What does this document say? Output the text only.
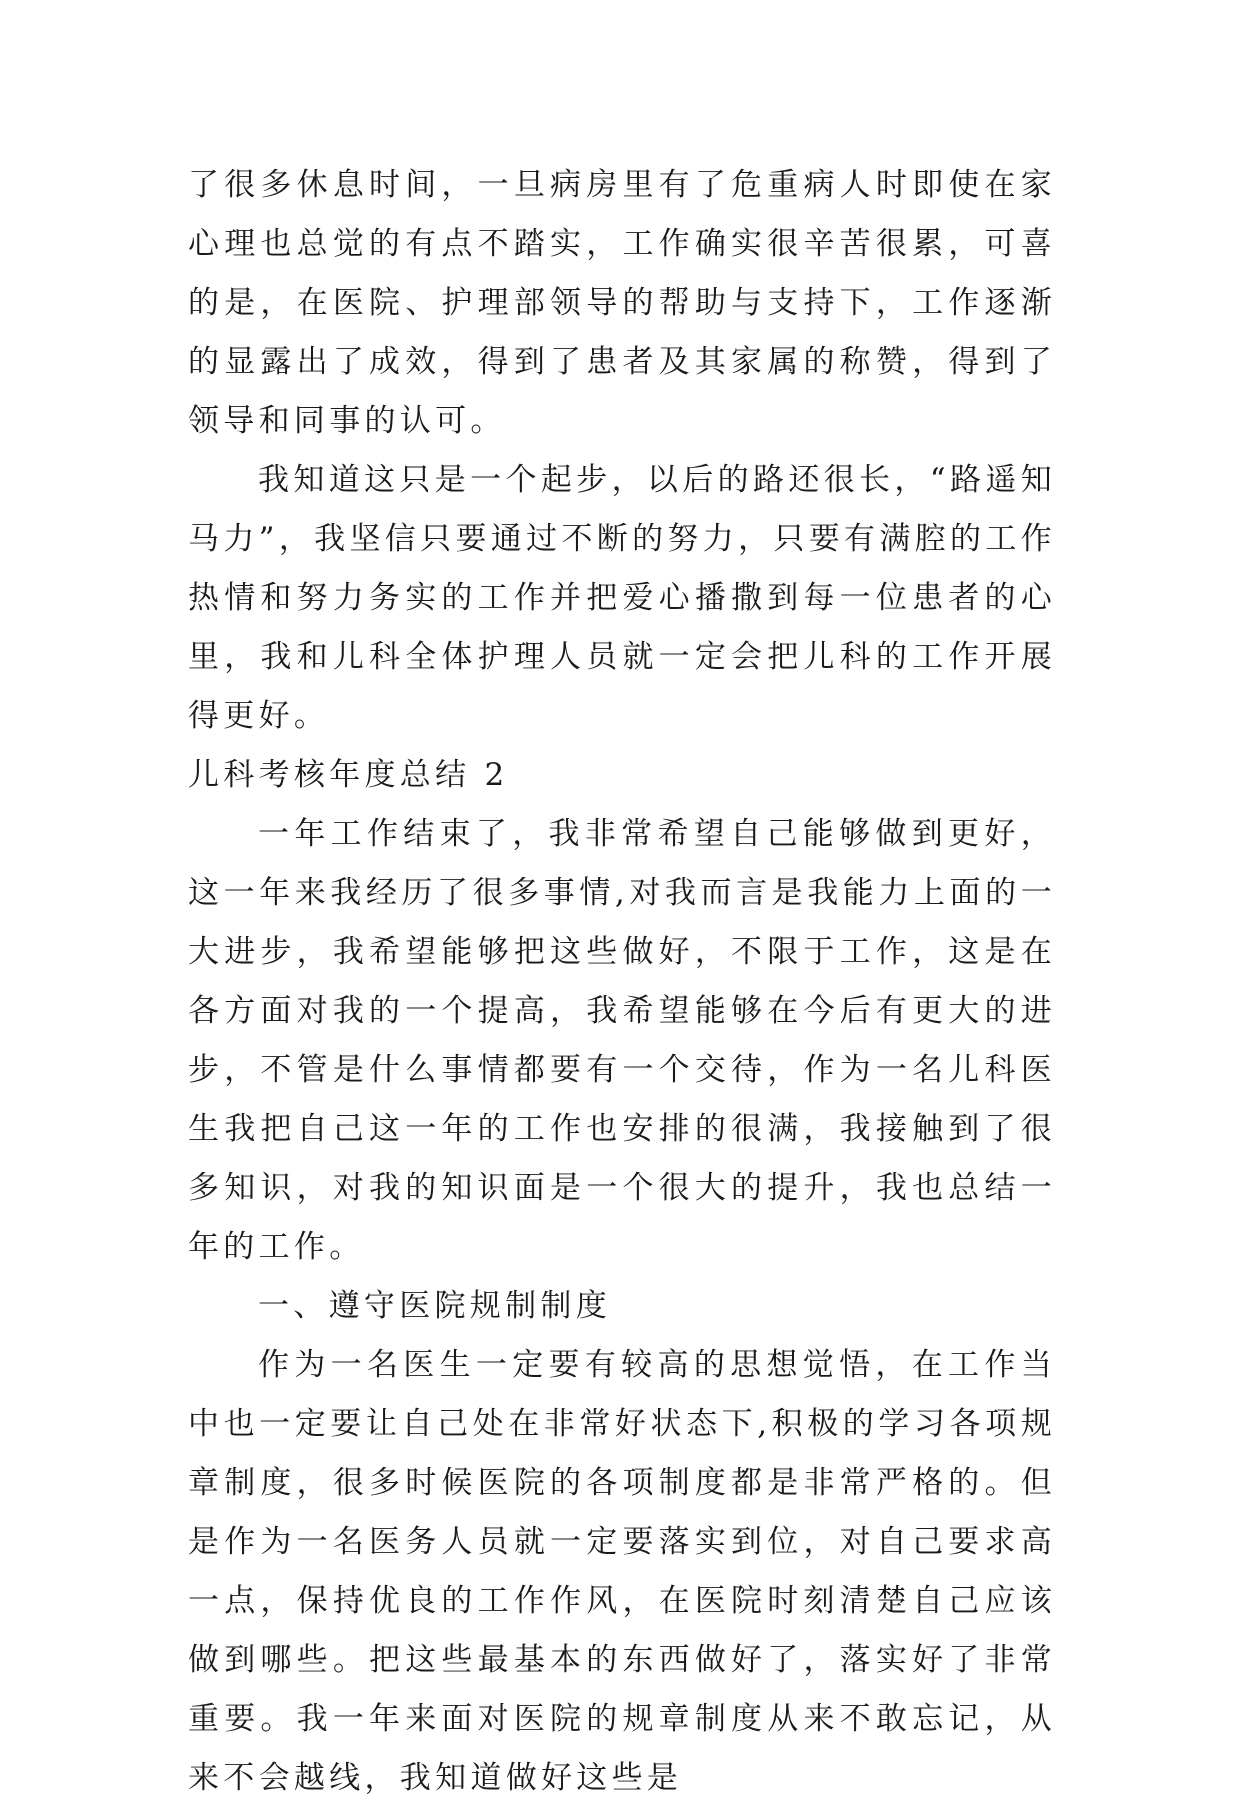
了很多休息时间，一旦病房里有了危重病人时即使在家心理也总觉的有点不踏实，工作确实很辛苦很累，可喜的是，在医院、护理部领导的帮助与支持下，工作逐渐的显露出了成效，得到了患者及其家属的称赞，得到了领导和同事的认可。

我知道这只是一个起步，以后的路还很长，“路遥知马力”，我坚信只要通过不断的努力，只要有满腔的工作热情和努力务实的工作并把爱心播撒到每一位患者的心里，我和儿科全体护理人员就一定会把儿科的工作开展得更好。

儿科考核年度总结 2

一年工作结束了，我非常希望自己能够做到更好，这一年来我经历了很多事情,对我而言是我能力上面的一大进步，我希望能够把这些做好，不限于工作，这是在各方面对我的一个提高，我希望能够在今后有更大的进步，不管是什么事情都要有一个交待，作为一名儿科医生我把自己这一年的工作也安排的很满，我接触到了很多知识，对我的知识面是一个很大的提升，我也总结一年的工作。

一、遵守医院规制制度

作为一名医生一定要有较高的思想觉悟，在工作当中也一定要让自己处在非常好状态下,积极的学习各项规章制度，很多时候医院的各项制度都是非常严格的。但是作为一名医务人员就一定要落实到位，对自己要求高一点，保持优良的工作作风，在医院时刻清楚自己应该做到哪些。把这些最基本的东西做好了，落实好了非常重要。我一年来面对医院的规章制度从来不敢忘记，从来不会越线，我知道做好这些是
